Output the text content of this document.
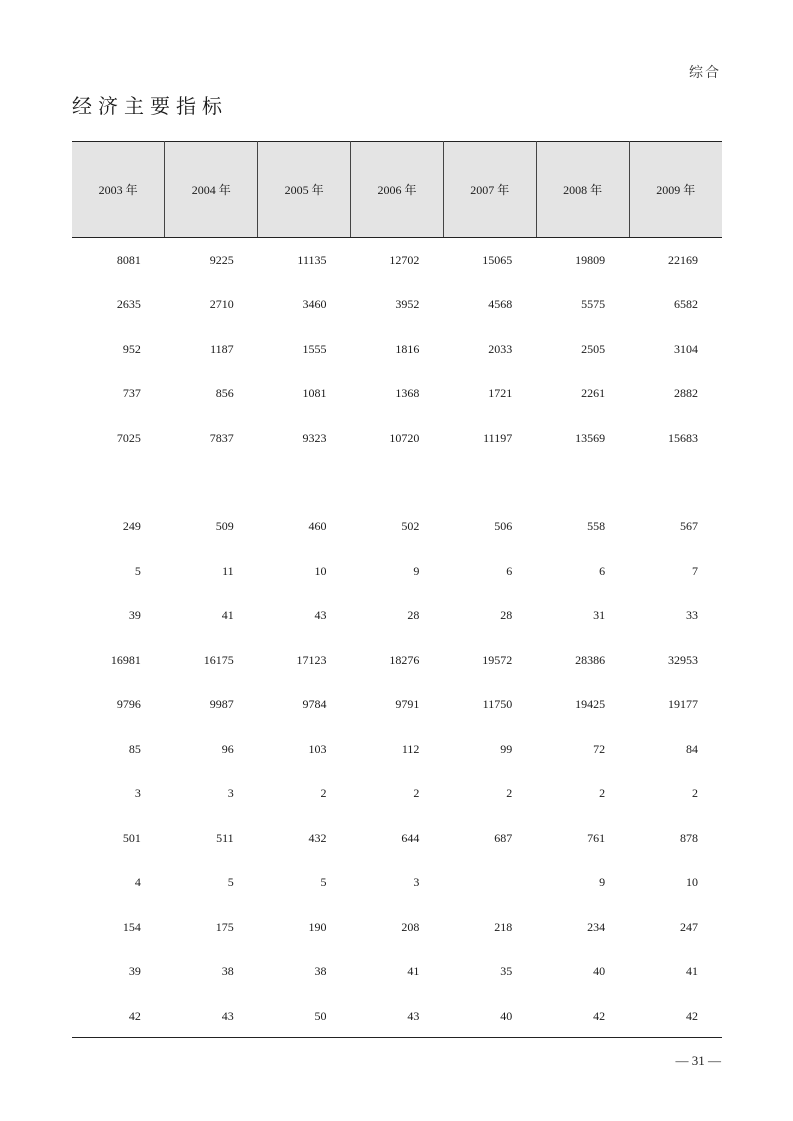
综合
经济主要指标
2003 年	2004 年	2005 年	2006 年	2007 年	2008 年	2009 年
8081	9225	11135	12702	15065	19809	22169
2635	2710	3460	3952	4568	5575	6582
952	1187	1555	1816	2033	2505	3104
737	856	1081	1368	1721	2261	2882
7025	7837	9323	10720	11197	13569	15683

249	509	460	502	506	558	567
5	11	10	9	6	6	7
39	41	43	28	28	31	33
16981	16175	17123	18276	19572	28386	32953
9796	9987	9784	9791	11750	19425	19177
85	96	103	112	99	72	84
3	3	2	2	2	2	2
501	511	432	644	687	761	878
4	5	5	3		9	10
154	175	190	208	218	234	247
39	38	38	41	35	40	41
42	43	50	43	40	42	42
— 31 —
